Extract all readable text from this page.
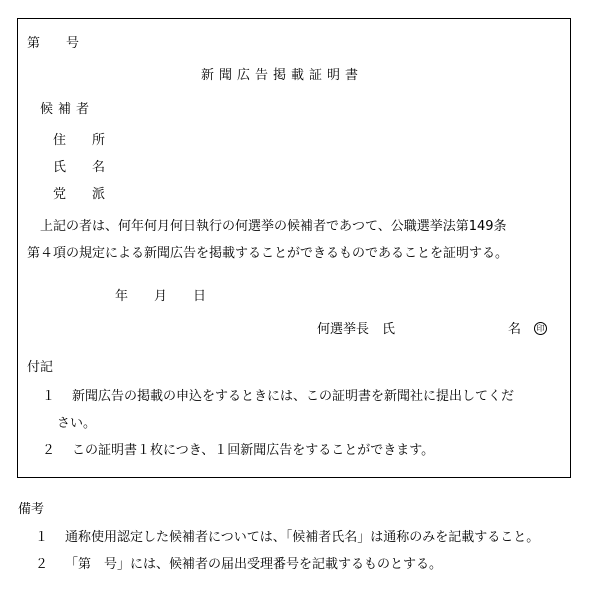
第　　号
新聞広告掲載証明書
候補者
住　　所
氏　　名
党　　派
上記の者は、何年何月何日執行の何選挙の候補者であつて、公職選挙法第149条
第４項の規定による新聞広告を掲載することができるものであることを証明する。
年　　月　　日
何選挙長　氏	名	印
付記
１ 新聞広告の掲載の申込をするときには、この証明書を新聞社に提出してくだ
さい。
２ この証明書１枚につき、１回新聞広告をすることができます。
備考
１ 通称使用認定した候補者については、「候補者氏名」は通称のみを記載すること。
２ 「第　号」には、候補者の届出受理番号を記載するものとする。
